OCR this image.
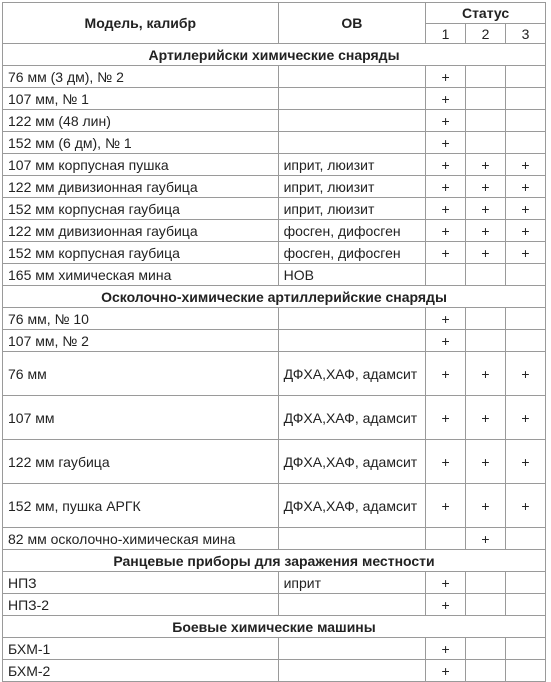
Модель, калибр	ОВ	Статус		
		1	2	3
Артилерийски химические снаряды				
76 мм (3 дм), № 2		+		
107 мм, № 1		+		
122 мм (48 лин)		+		
152 мм (6 дм), № 1		+		
107 мм корпусная пушка	иприт, люизит	+	+	+
122 мм дивизионная гаубица	иприт, люизит	+	+	+
152 мм корпусная гаубица	иприт, люизит	+	+	+
122 мм дивизионная гаубица	фосген, дифосген	+	+	+
152 мм корпусная гаубица	фосген, дифосген	+	+	+
165 мм химическая мина	НОВ			
Осколочно-химические артиллерийские снаряды				
76 мм, № 10		+		
107 мм, № 2		+		
76 мм	ДФХА,ХАФ, адамсит	+	+	+
107 мм	ДФХА,ХАФ, адамсит	+	+	+
122 мм гаубица	ДФХА,ХАФ, адамсит	+	+	+
152 мм, пушка АРГК	ДФХА,ХАФ, адамсит	+	+	+
82 мм осколочно-химическая мина			+	
Ранцевые приборы для заражения местности				
НПЗ	иприт	+		
НПЗ-2		+		
Боевые химические машины				
БХМ-1		+		
БХМ-2		+		
